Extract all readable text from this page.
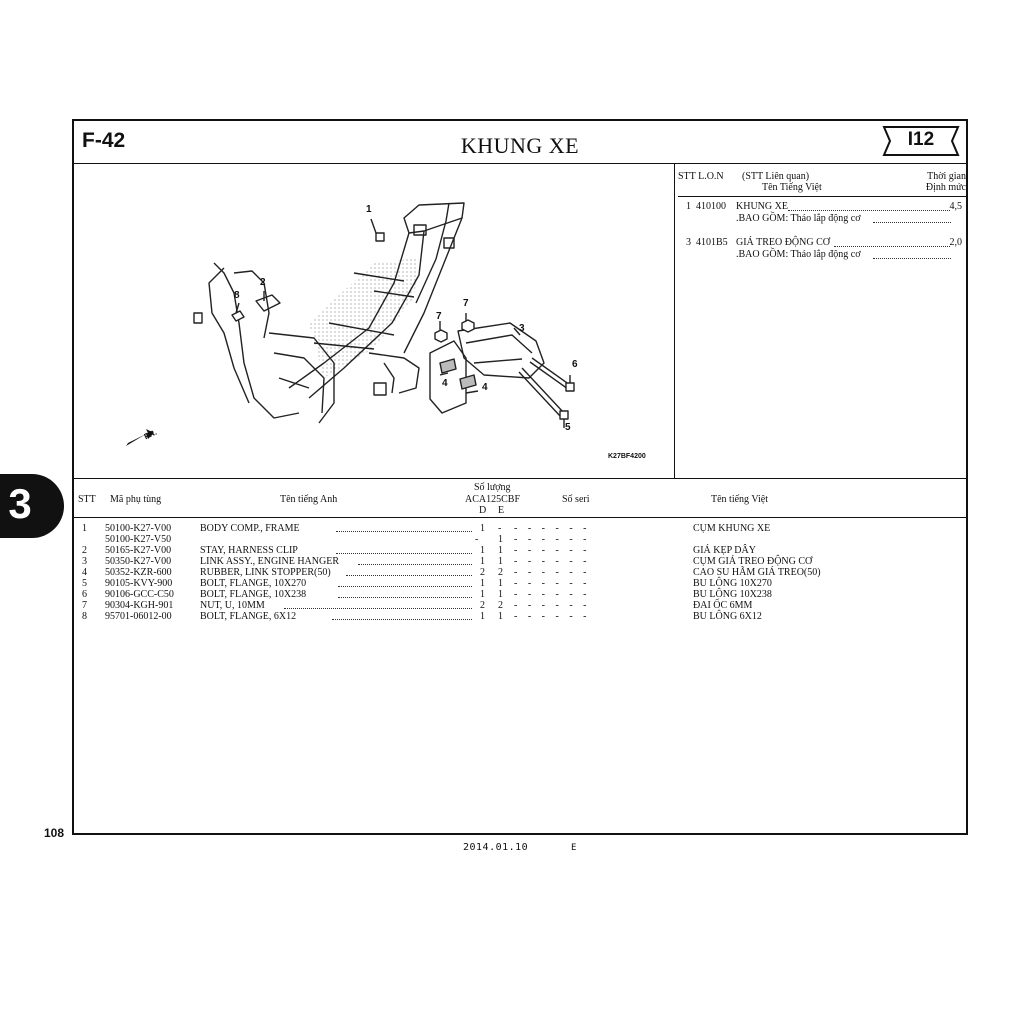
3
F-42	KHUNG XE	I12
1
2
3
4	4
5
6
7
7
8
FR.
K27BF4200
STT L.O.N (STT Liên quan)
Tên Tiếng Việt
Thời gian
Định mức
1 410100 KHUNG XE	4,5
.BAO GỒM: Tháo lắp động cơ
3 4101B5 GIÁ TREO ĐỘNG CƠ	2,0
.BAO GỒM: Tháo lắp động cơ
STT Mã phụ tùng	Tên tiếng Anh
Số lượng
ACA125CBF
D E
Số seri	Tên tiếng Việt
1 50100-K27-V00	BODY COMP., FRAME	1 - - - - - - -	CỤM KHUNG XE
50100-K27-V50	- 1 - - - - - -
2 50165-K27-V00	STAY, HARNESS CLIP	1 1 - - - - - -	GIÁ KẸP DÂY
3 50350-K27-V00	LINK ASSY., ENGINE HANGER	1 1 - - - - - -	CỤM GIÁ TREO ĐỘNG CƠ
4 50352-KZR-600	RUBBER, LINK STOPPER(50)	2 2 - - - - - -	CAO SU HÃM GIÁ TREO(50)
5 90105-KVY-900	BOLT, FLANGE, 10X270	1 1 - - - - - -	BU LÔNG 10X270
6 90106-GCC-C50	BOLT, FLANGE, 10X238	1 1 - - - - - -	BU LÔNG 10X238
7 90304-KGH-901	NUT, U, 10MM	2 2 - - - - - -	ĐAI ỐC 6MM
8 95701-06012-00	BOLT, FLANGE, 6X12	1 1 - - - - - -	BU LÔNG 6X12
108
2014.01.10	E
